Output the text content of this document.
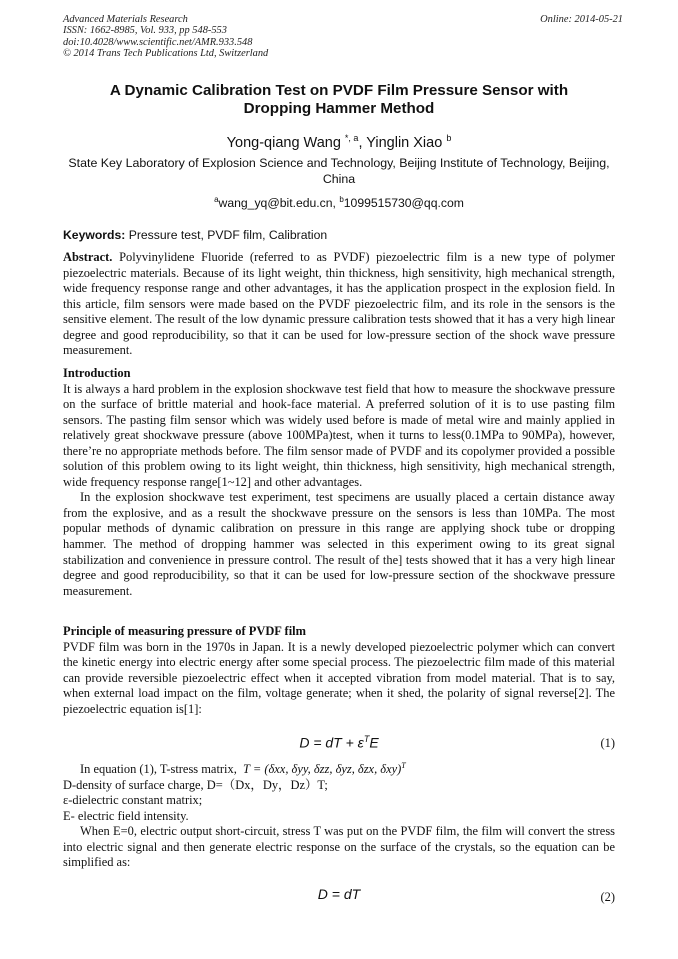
Advanced Materials Research
ISSN: 1662-8985, Vol. 933, pp 548-553
doi:10.4028/www.scientific.net/AMR.933.548
© 2014 Trans Tech Publications Ltd, Switzerland
Online: 2014-05-21
A Dynamic Calibration Test on PVDF Film Pressure Sensor with
Dropping Hammer Method
Yong-qiang Wang $^{*, a}$, Yinglin Xiao $^b$
State Key Laboratory of Explosion Science and Technology, Beijing Institute of Technology, Beijing,
China
$^a$wang_yq@bit.edu.cn, $^b$1099515730@qq.com
Keywords: Pressure test, PVDF film, Calibration

Abstract. Polyvinylidene Fluoride (referred to as PVDF) piezoelectric film is a new type of polymer piezoelectric materials. Because of its light weight, thin thickness, high sensitivity, high mechanical strength, wide frequency response range and other advantages, it has the application prospect in the explosion field. In this article, film sensors were made based on the PVDF piezoelectric film, and its role in the sensors is the sensitive element. The result of the low dynamic pressure calibration tests showed that it has a very high linear degree and good reproducibility, so that it can be used for low-pressure section of the shock wave pressure measurement.

Introduction

It is always a hard problem in the explosion shockwave test field that how to measure the shockwave pressure on the surface of brittle material and hook-face material. A preferred solution of it is to use pasting film sensors. The pasting film sensor which was widely used before is made of metal wire and mainly applied in relatively great shockwave pressure (above 100MPa)test, when it turns to less(0.1MPa to 90MPa), however, there’re no appropriate methods before. The film sensor made of PVDF and its copolymer provided a possible solution of this problem owing to its light weight, thin thickness, high sensitivity, high mechanical strength, wide frequency response range[1~12] and other advantages.

In the explosion shockwave test experiment, test specimens are usually placed a certain distance away from the explosive, and as a result the shockwave pressure on the sensors is less than 10MPa. The most popular methods of dynamic calibration on pressure in this range are applying shock tube or dropping hammer. The method of dropping hammer was selected in this experiment owing to its great signal stabilization and convenience in pressure control. The result of the] tests showed that it has a very high linear degree and good reproducibility, so that it can be used for low-pressure section of the shockwave pressure measurement.

Principle of measuring pressure of PVDF film

PVDF film was born in the 1970s in Japan. It is a newly developed piezoelectric polymer which can convert the kinetic energy into electric energy after some special process. The piezoelectric film made of this material can provide reversible piezoelectric effect when it accepted vibration from model material. That is to say, when external load impact on the film, voltage generate; when it shed, the polarity of signal reverse[2]. The piezoelectric equation is[1]:

D = dT + $\varepsilon^TE$	(1)

In equation (1), T-stress matrix, T = (δxx, δyy, δzz, δyz, δzx, δxy)$^T$

D-density of surface charge, D=（Dx，Dy，Dz）T;

ε-dielectric constant matrix;

E- electric field intensity.

When E=0, electric output short-circuit, stress T was put on the PVDF film, the film will convert the stress into electric signal and then generate electric response on the surface of the crystals, so the equation can be simplified as:

D = dT	(2)
